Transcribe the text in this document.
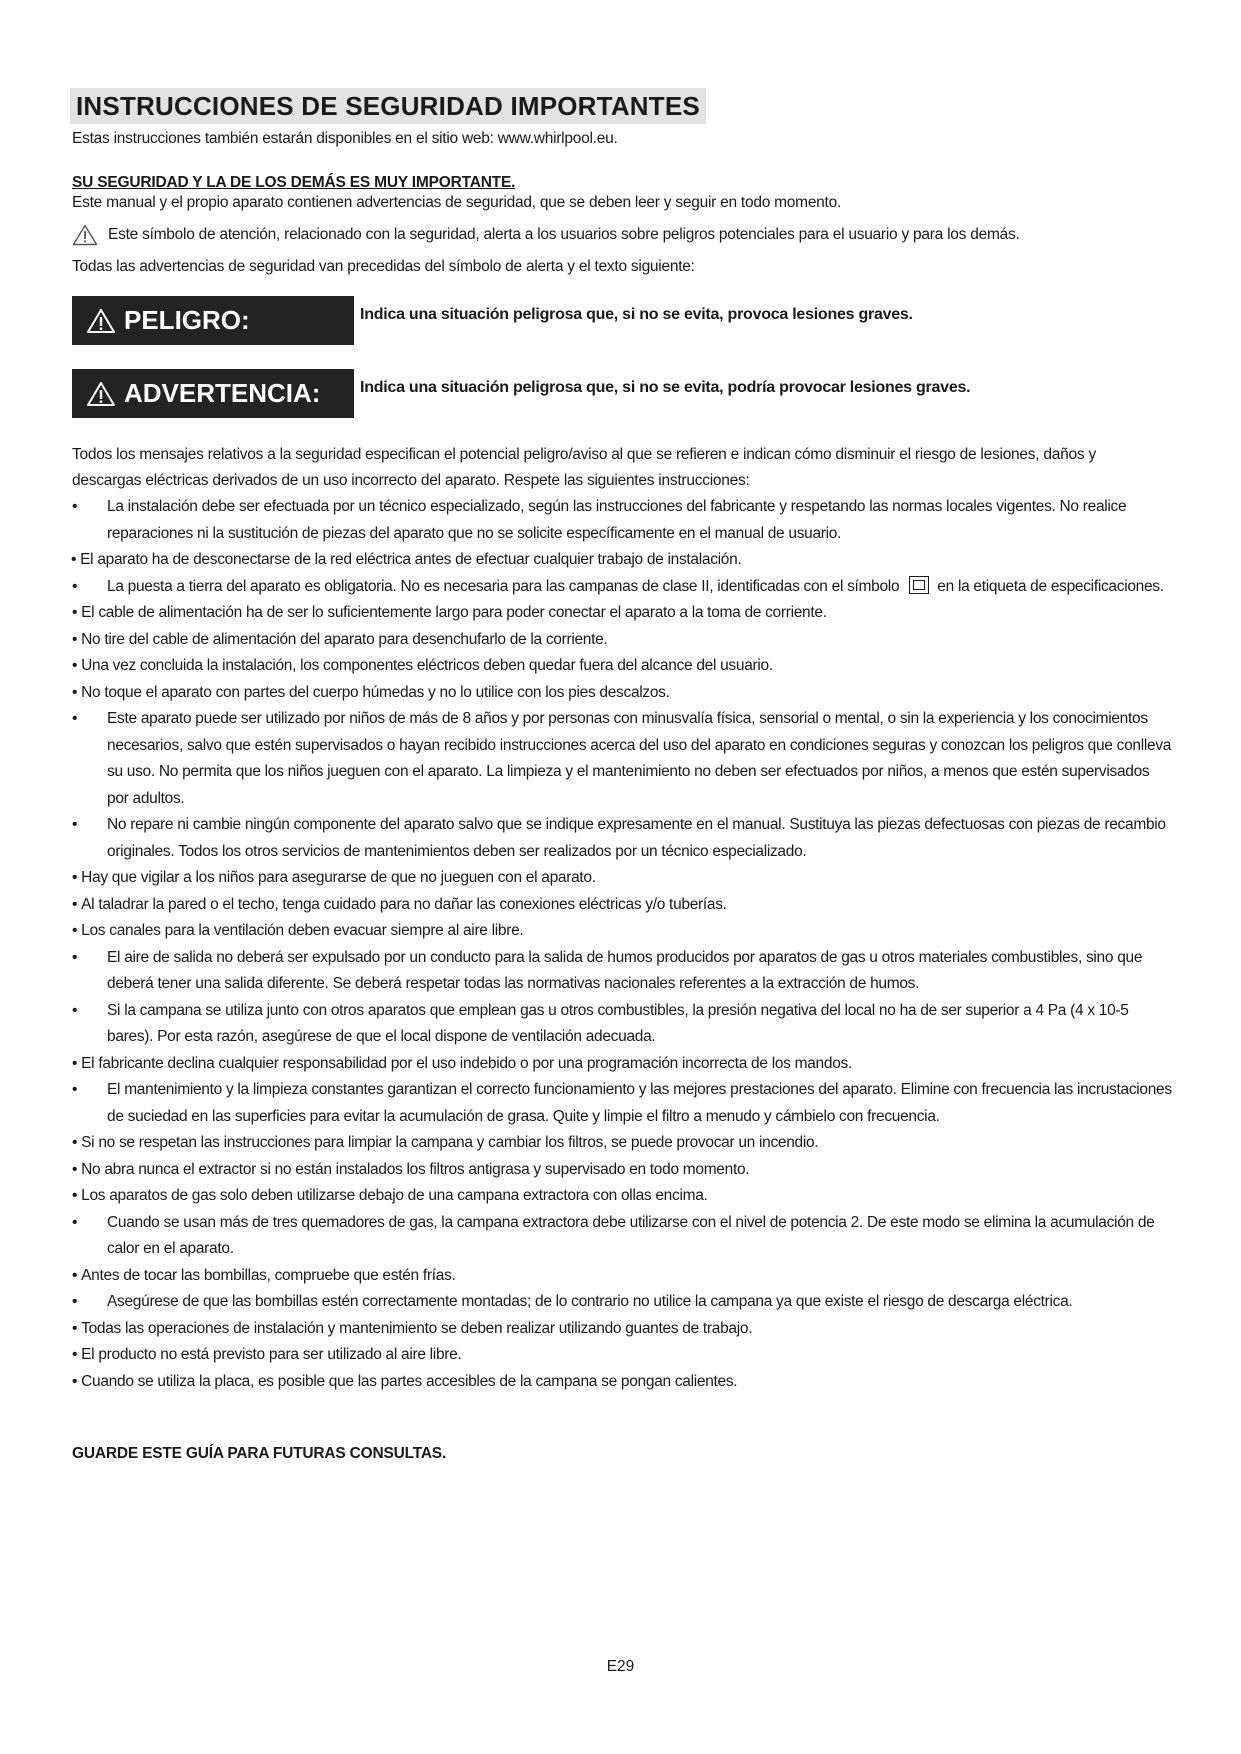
INSTRUCCIONES DE SEGURIDAD IMPORTANTES
Estas instrucciones también estarán disponibles en el sitio web: www.whirlpool.eu.
SU SEGURIDAD Y LA DE LOS DEMÁS ES MUY IMPORTANTE.
Este manual y el propio aparato contienen advertencias de seguridad, que se deben leer y seguir en todo momento.
Este símbolo de atención, relacionado con la seguridad, alerta a los usuarios sobre peligros potenciales para el usuario y para los demás.
Todas las advertencias de seguridad van precedidas del símbolo de alerta y el texto siguiente:
PELIGRO:	Indica una situación peligrosa que, si no se evita, provoca lesiones graves.
ADVERTENCIA: Indica una situación peligrosa que, si no se evita, podría provocar lesiones graves.
Todos los mensajes relativos a la seguridad especifican el potencial peligro/aviso al que se refieren e indican cómo disminuir el riesgo de lesiones, daños y descargas eléctricas derivados de un uso incorrecto del aparato. Respete las siguientes instrucciones:
• La instalación debe ser efectuada por un técnico especializado, según las instrucciones del fabricante y respetando las normas locales vigentes. No realice reparaciones ni la sustitución de piezas del aparato que no se solicite específicamente en el manual de usuario.
• El aparato ha de desconectarse de la red eléctrica antes de efectuar cualquier trabajo de instalación.
• La puesta a tierra del aparato es obligatoria. No es necesaria para las campanas de clase II, identificadas con el símbolo en la etiqueta de especificaciones.
• El cable de alimentación ha de ser lo suficientemente largo para poder conectar el aparato a la toma de corriente.
• No tire del cable de alimentación del aparato para desenchufarlo de la corriente.
• Una vez concluida la instalación, los componentes eléctricos deben quedar fuera del alcance del usuario.
• No toque el aparato con partes del cuerpo húmedas y no lo utilice con los pies descalzos.
• Este aparato puede ser utilizado por niños de más de 8 años y por personas con minusvalía física, sensorial o mental, o sin la experiencia y los conocimientos necesarios, salvo que estén supervisados o hayan recibido instrucciones acerca del uso del aparato en condiciones seguras y conozcan los peligros que conlleva su uso. No permita que los niños jueguen con el aparato. La limpieza y el mantenimiento no deben ser efectuados por niños, a menos que estén supervisados por adultos.
• No repare ni cambie ningún componente del aparato salvo que se indique expresamente en el manual. Sustituya las piezas defectuosas con piezas de recambio originales. Todos los otros servicios de mantenimientos deben ser realizados por un técnico especializado.
• Hay que vigilar a los niños para asegurarse de que no jueguen con el aparato.
• Al taladrar la pared o el techo, tenga cuidado para no dañar las conexiones eléctricas y/o tuberías.
• Los canales para la ventilación deben evacuar siempre al aire libre.
• El aire de salida no deberá ser expulsado por un conducto para la salida de humos producidos por aparatos de gas u otros materiales combustibles, sino que deberá tener una salida diferente. Se deberá respetar todas las normativas nacionales referentes a la extracción de humos.
• Si la campana se utiliza junto con otros aparatos que emplean gas u otros combustibles, la presión negativa del local no ha de ser superior a 4 Pa (4 x 10-5 bares). Por esta razón, asegúrese de que el local dispone de ventilación adecuada.
• El fabricante declina cualquier responsabilidad por el uso indebido o por una programación incorrecta de los mandos.
• El mantenimiento y la limpieza constantes garantizan el correcto funcionamiento y las mejores prestaciones del aparato. Elimine con frecuencia las incrustaciones de suciedad en las superficies para evitar la acumulación de grasa. Quite y limpie el filtro a menudo y cámbielo con frecuencia.
• Si no se respetan las instrucciones para limpiar la campana y cambiar los filtros, se puede provocar un incendio.
• No abra nunca el extractor si no están instalados los filtros antigrasa y supervisado en todo momento.
• Los aparatos de gas solo deben utilizarse debajo de una campana extractora con ollas encima.
• Cuando se usan más de tres quemadores de gas, la campana extractora debe utilizarse con el nivel de potencia 2. De este modo se elimina la acumulación de calor en el aparato.
• Antes de tocar las bombillas, compruebe que estén frías.
• Asegúrese de que las bombillas estén correctamente montadas; de lo contrario no utilice la campana ya que existe el riesgo de descarga eléctrica.
• Todas las operaciones de instalación y mantenimiento se deben realizar utilizando guantes de trabajo.
• El producto no está previsto para ser utilizado al aire libre.
• Cuando se utiliza la placa, es posible que las partes accesibles de la campana se pongan calientes.
GUARDE ESTE GUÍA PARA FUTURAS CONSULTAS.
E29
